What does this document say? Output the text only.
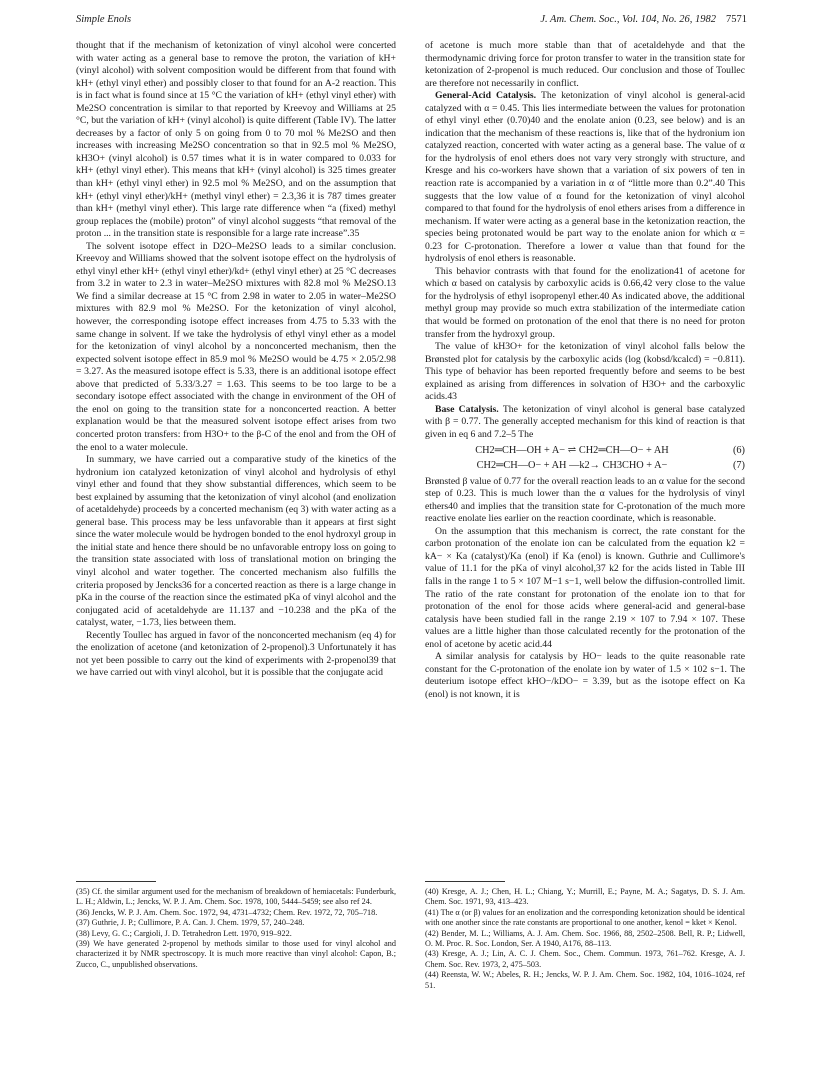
Simple Enols	J. Am. Chem. Soc., Vol. 104, No. 26, 1982 7571

thought that if the mechanism of ketonization of vinyl alcohol were concerted with water acting as a general base to remove the proton, the variation of kH+ (vinyl alcohol) with solvent composition would be different from that found with kH+ (ethyl vinyl ether) and possibly closer to that found for an A-2 reaction. This is in fact what is found since at 15 °C the variation of kH+ (ethyl vinyl ether) with Me2SO concentration is similar to that reported by Kreevoy and Williams at 25 °C, but the variation of kH+ (vinyl alcohol) is quite different (Table IV). The latter decreases by a factor of only 5 on going from 0 to 70 mol % Me2SO and then increases with increasing Me2SO concentration so that in 92.5 mol % Me2SO, kH3O+ (vinyl alcohol) is 0.57 times what it is in water compared to 0.033 for kH+ (ethyl vinyl ether). This means that kH+ (vinyl alcohol) is 325 times greater than kH+ (ethyl vinyl ether) in 92.5 mol % Me2SO, and on the assumption that kH+ (ethyl vinyl ether)/kH+ (methyl vinyl ether) = 2.3,36 it is 787 times greater than kH+ (methyl vinyl ether). This large rate difference when “a (fixed) methyl group replaces the (mobile) proton” of vinyl alcohol suggests “that removal of the proton ... in the transition state is responsible for a large rate increase”.35

The solvent isotope effect in D2O–Me2SO leads to a similar conclusion. Kreevoy and Williams showed that the solvent isotope effect on the hydrolysis of ethyl vinyl ether kH+ (ethyl vinyl ether)/kd+ (ethyl vinyl ether) at 25 °C decreases from 3.2 in water to 2.3 in water–Me2SO mixtures with 82.8 mol % Me2SO.13 We find a similar decrease at 15 °C from 2.98 in water to 2.05 in water–Me2SO mixtures with 82.9 mol % Me2SO. For the ketonization of vinyl alcohol, however, the corresponding isotope effect increases from 4.75 to 5.33 with the same change in solvent. If we take the hydrolysis of ethyl vinyl ether as a model for the ketonization of vinyl alcohol by a nonconcerted mechanism, then the expected solvent isotope effect in 85.9 mol % Me2SO would be 4.75 × 2.05/2.98 = 3.27. As the measured isotope effect is 5.33, there is an additional isotope effect above that predicted of 5.33/3.27 = 1.63. This seems to be too large to be a secondary isotope effect associated with the change in environment of the OH of the enol on going to the transition state for a nonconcerted reaction. A better explanation would be that the measured solvent isotope effect arises from two concerted proton transfers: from H3O+ to the β-C of the enol and from the OH of the enol to a water molecule.

In summary, we have carried out a comparative study of the kinetics of the hydronium ion catalyzed ketonization of vinyl alcohol and hydrolysis of ethyl vinyl ether and found that they show substantial differences, which seem to be best explained by assuming that the ketonization of vinyl alcohol (and enolization of acetaldehyde) proceeds by a concerted mechanism (eq 3) with water acting as a general base. This process may be less unfavorable than it appears at first sight since the water molecule would be hydrogen bonded to the enol hydroxyl group in the initial state and hence there should be no unfavorable entropy loss on going to the transition state associated with loss of translational motion on bringing the vinyl alcohol and water together. The concerted mechanism also fulfills the criteria proposed by Jencks36 for a concerted reaction as there is a large change in pKa in the course of the reaction since the estimated pKa of vinyl alcohol and the conjugated acid of acetaldehyde are 11.137 and −10.238 and the pKa of the catalyst, water, −1.73, lies between them.

Recently Toullec has argued in favor of the nonconcerted mechanism (eq 4) for the enolization of acetone (and ketonization of 2-propenol).3 Unfortunately it has not yet been possible to carry out the kind of experiments with 2-propenol39 that we have carried out with vinyl alcohol, but it is possible that the conjugate acid

of acetone is much more stable than that of acetaldehyde and that the thermodynamic driving force for proton transfer to water in the transition state for ketonization of 2-propenol is much reduced. Our conclusion and those of Toullec are therefore not necessarily in conflict.

General-Acid Catalysis. The ketonization of vinyl alcohol is general-acid catalyzed with α = 0.45. This lies intermediate between the values for protonation of ethyl vinyl ether (0.70)40 and the enolate anion (0.23, see below) and is an indication that the mechanism of these reactions is, like that of the hydronium ion catalyzed reaction, concerted with water acting as a general base. The value of α for the hydrolysis of enol ethers does not vary very strongly with structure, and Kresge and his co-workers have shown that a variation of six powers of ten in reaction rate is accompanied by a variation in α of “little more than 0.2”.40 This suggests that the low value of α found for the ketonization of vinyl alcohol compared to that found for the hydrolysis of enol ethers arises from a difference in mechanism. If water were acting as a general base in the ketonization reaction, the species being protonated would be part way to the enolate anion for which α = 0.23 for C-protonation. Therefore a lower α value than that found for the hydrolysis of enol ethers is reasonable.

This behavior contrasts with that found for the enolization41 of acetone for which α based on catalysis by carboxylic acids is 0.66,42 very close to the value for the hydrolysis of ethyl isopropenyl ether.40 As indicated above, the additional methyl group may provide so much extra stabilization of the intermediate cation that would be formed on protonation of the enol that there is no need for proton transfer from the hydroxyl group.

The value of kH3O+ for the ketonization of vinyl alcohol falls below the Brønsted plot for catalysis by the carboxylic acids (log (kobsd/kcalcd) = −0.811). This type of behavior has been reported frequently before and seems to be best explained as arising from differences in solvation of H3O+ and the carboxylic acids.43

Base Catalysis. The ketonization of vinyl alcohol is general base catalyzed with β = 0.77. The generally accepted mechanism for this kind of reaction is that given in eq 6 and 7.2–5 The

CH2═CH—OH + A− ⇌ CH2═CH—O− + AH	(6)
CH2═CH—O− + AH —k2→ CH3CHO + A−	(7)

Brønsted β value of 0.77 for the overall reaction leads to an α value for the second step of 0.23. This is much lower than the α values for the hydrolysis of vinyl ethers40 and implies that the transition state for C-protonation of the much more reactive enolate lies earlier on the reaction coordinate, which is reasonable.

On the assumption that this mechanism is correct, the rate constant for the carbon protonation of the enolate ion can be calculated from the equation k2 = kA− × Ka (catalyst)/Ka (enol) if Ka (enol) is known. Guthrie and Cullimore's value of 11.1 for the pKa of vinyl alcohol,37 k2 for the acids listed in Table III falls in the range 1 to 5 × 107 M−1 s−1, well below the diffusion-controlled limit. The ratio of the rate constant for protonation of the enolate ion to that for protonation of the enol for those acids where general-acid and general-base catalysis have been studied fall in the range 2.19 × 107 to 7.94 × 107. These values are a little higher than those calculated recently for the protonation of the enol of acetone by acetic acid.44

A similar analysis for catalysis by HO− leads to the quite reasonable rate constant for the C-protonation of the enolate ion by water of 1.5 × 102 s−1. The deuterium isotope effect kHO−/kDO− = 3.39, but as the isotope effect on Ka (enol) is not known, it is

(35) Cf. the similar argument used for the mechanism of breakdown of hemiacetals: Funderburk, L. H.; Aldwin, L.; Jencks, W. P. J. Am. Chem. Soc. 1978, 100, 5444–5459; see also ref 24.

(36) Jencks, W. P. J. Am. Chem. Soc. 1972, 94, 4731–4732; Chem. Rev. 1972, 72, 705–718.

(37) Guthrie, J. P.; Cullimore, P. A. Can. J. Chem. 1979, 57, 240–248.

(38) Levy, G. C.; Cargioli, J. D. Tetrahedron Lett. 1970, 919–922.

(39) We have generated 2-propenol by methods similar to those used for vinyl alcohol and characterized it by NMR spectroscopy. It is much more reactive than vinyl alcohol: Capon, B.; Zucco, C., unpublished observations.

(40) Kresge, A. J.; Chen, H. L.; Chiang, Y.; Murrill, E.; Payne, M. A.; Sagatys, D. S. J. Am. Chem. Soc. 1971, 93, 413–423.

(41) The α (or β) values for an enolization and the corresponding ketonization should be identical with one another since the rate constants are proportional to one another, kenol = kket × Kenol.

(42) Bender, M. L.; Williams, A. J. Am. Chem. Soc. 1966, 88, 2502–2508. Bell, R. P.; Lidwell, O. M. Proc. R. Soc. London, Ser. A 1940, A176, 88–113.

(43) Kresge, A. J.; Lin, A. C. J. Chem. Soc., Chem. Commun. 1973, 761–762. Kresge, A. J. Chem. Soc. Rev. 1973, 2, 475–503.

(44) Reensta, W. W.; Abeles, R. H.; Jencks, W. P. J. Am. Chem. Soc. 1982, 104, 1016–1024, ref 51.
